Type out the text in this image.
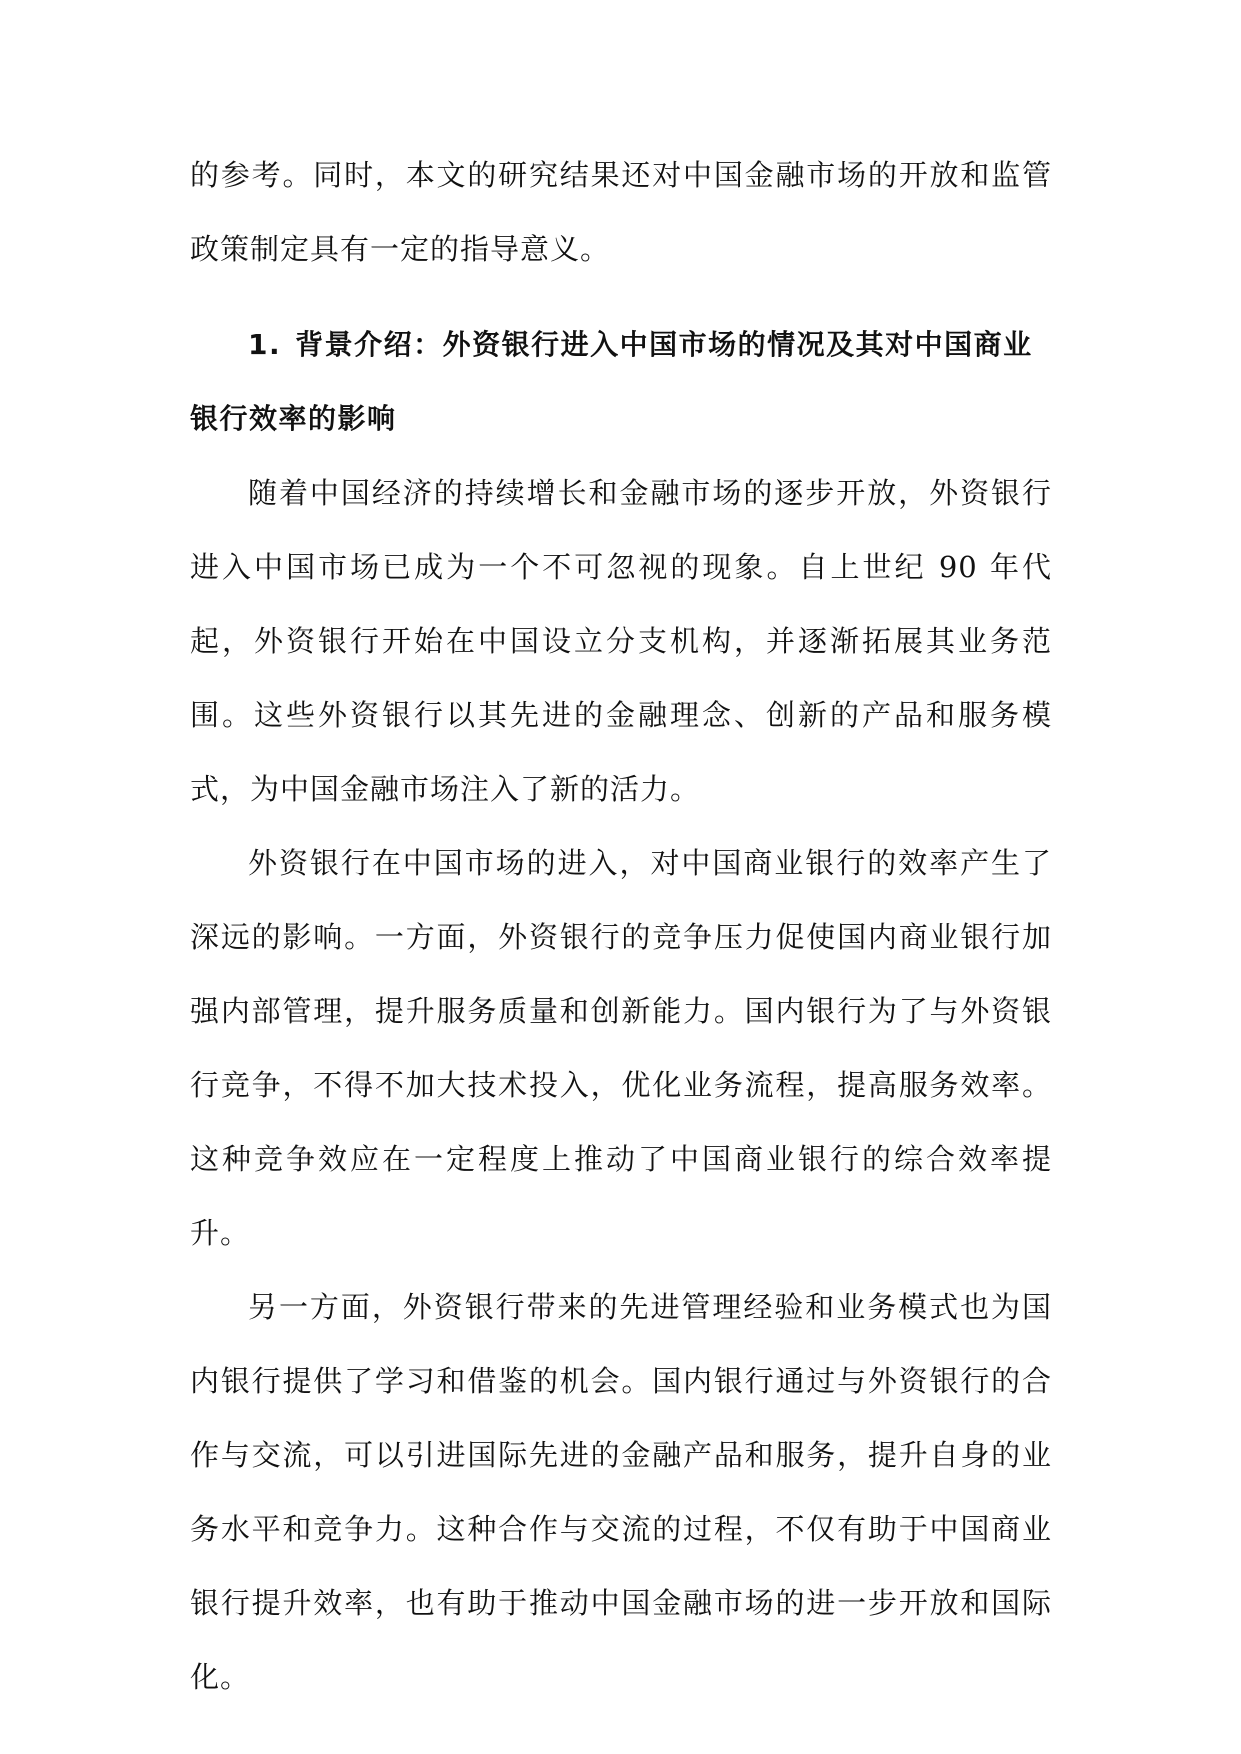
的参考。同时，本文的研究结果还对中国金融市场的开放和监管政策制定具有一定的指导意义。

1. 背景介绍：外资银行进入中国市场的情况及其对中国商业银行效率的影响

随着中国经济的持续增长和金融市场的逐步开放，外资银行进入中国市场已成为一个不可忽视的现象。自上世纪 90 年代起，外资银行开始在中国设立分支机构，并逐渐拓展其业务范围。这些外资银行以其先进的金融理念、创新的产品和服务模式，为中国金融市场注入了新的活力。

外资银行在中国市场的进入，对中国商业银行的效率产生了深远的影响。一方面，外资银行的竞争压力促使国内商业银行加强内部管理，提升服务质量和创新能力。国内银行为了与外资银行竞争，不得不加大技术投入，优化业务流程，提高服务效率。这种竞争效应在一定程度上推动了中国商业银行的综合效率提升。

另一方面，外资银行带来的先进管理经验和业务模式也为国内银行提供了学习和借鉴的机会。国内银行通过与外资银行的合作与交流，可以引进国际先进的金融产品和服务，提升自身的业务水平和竞争力。这种合作与交流的过程，不仅有助于中国商业银行提升效率，也有助于推动中国金融市场的进一步开放和国际化。
